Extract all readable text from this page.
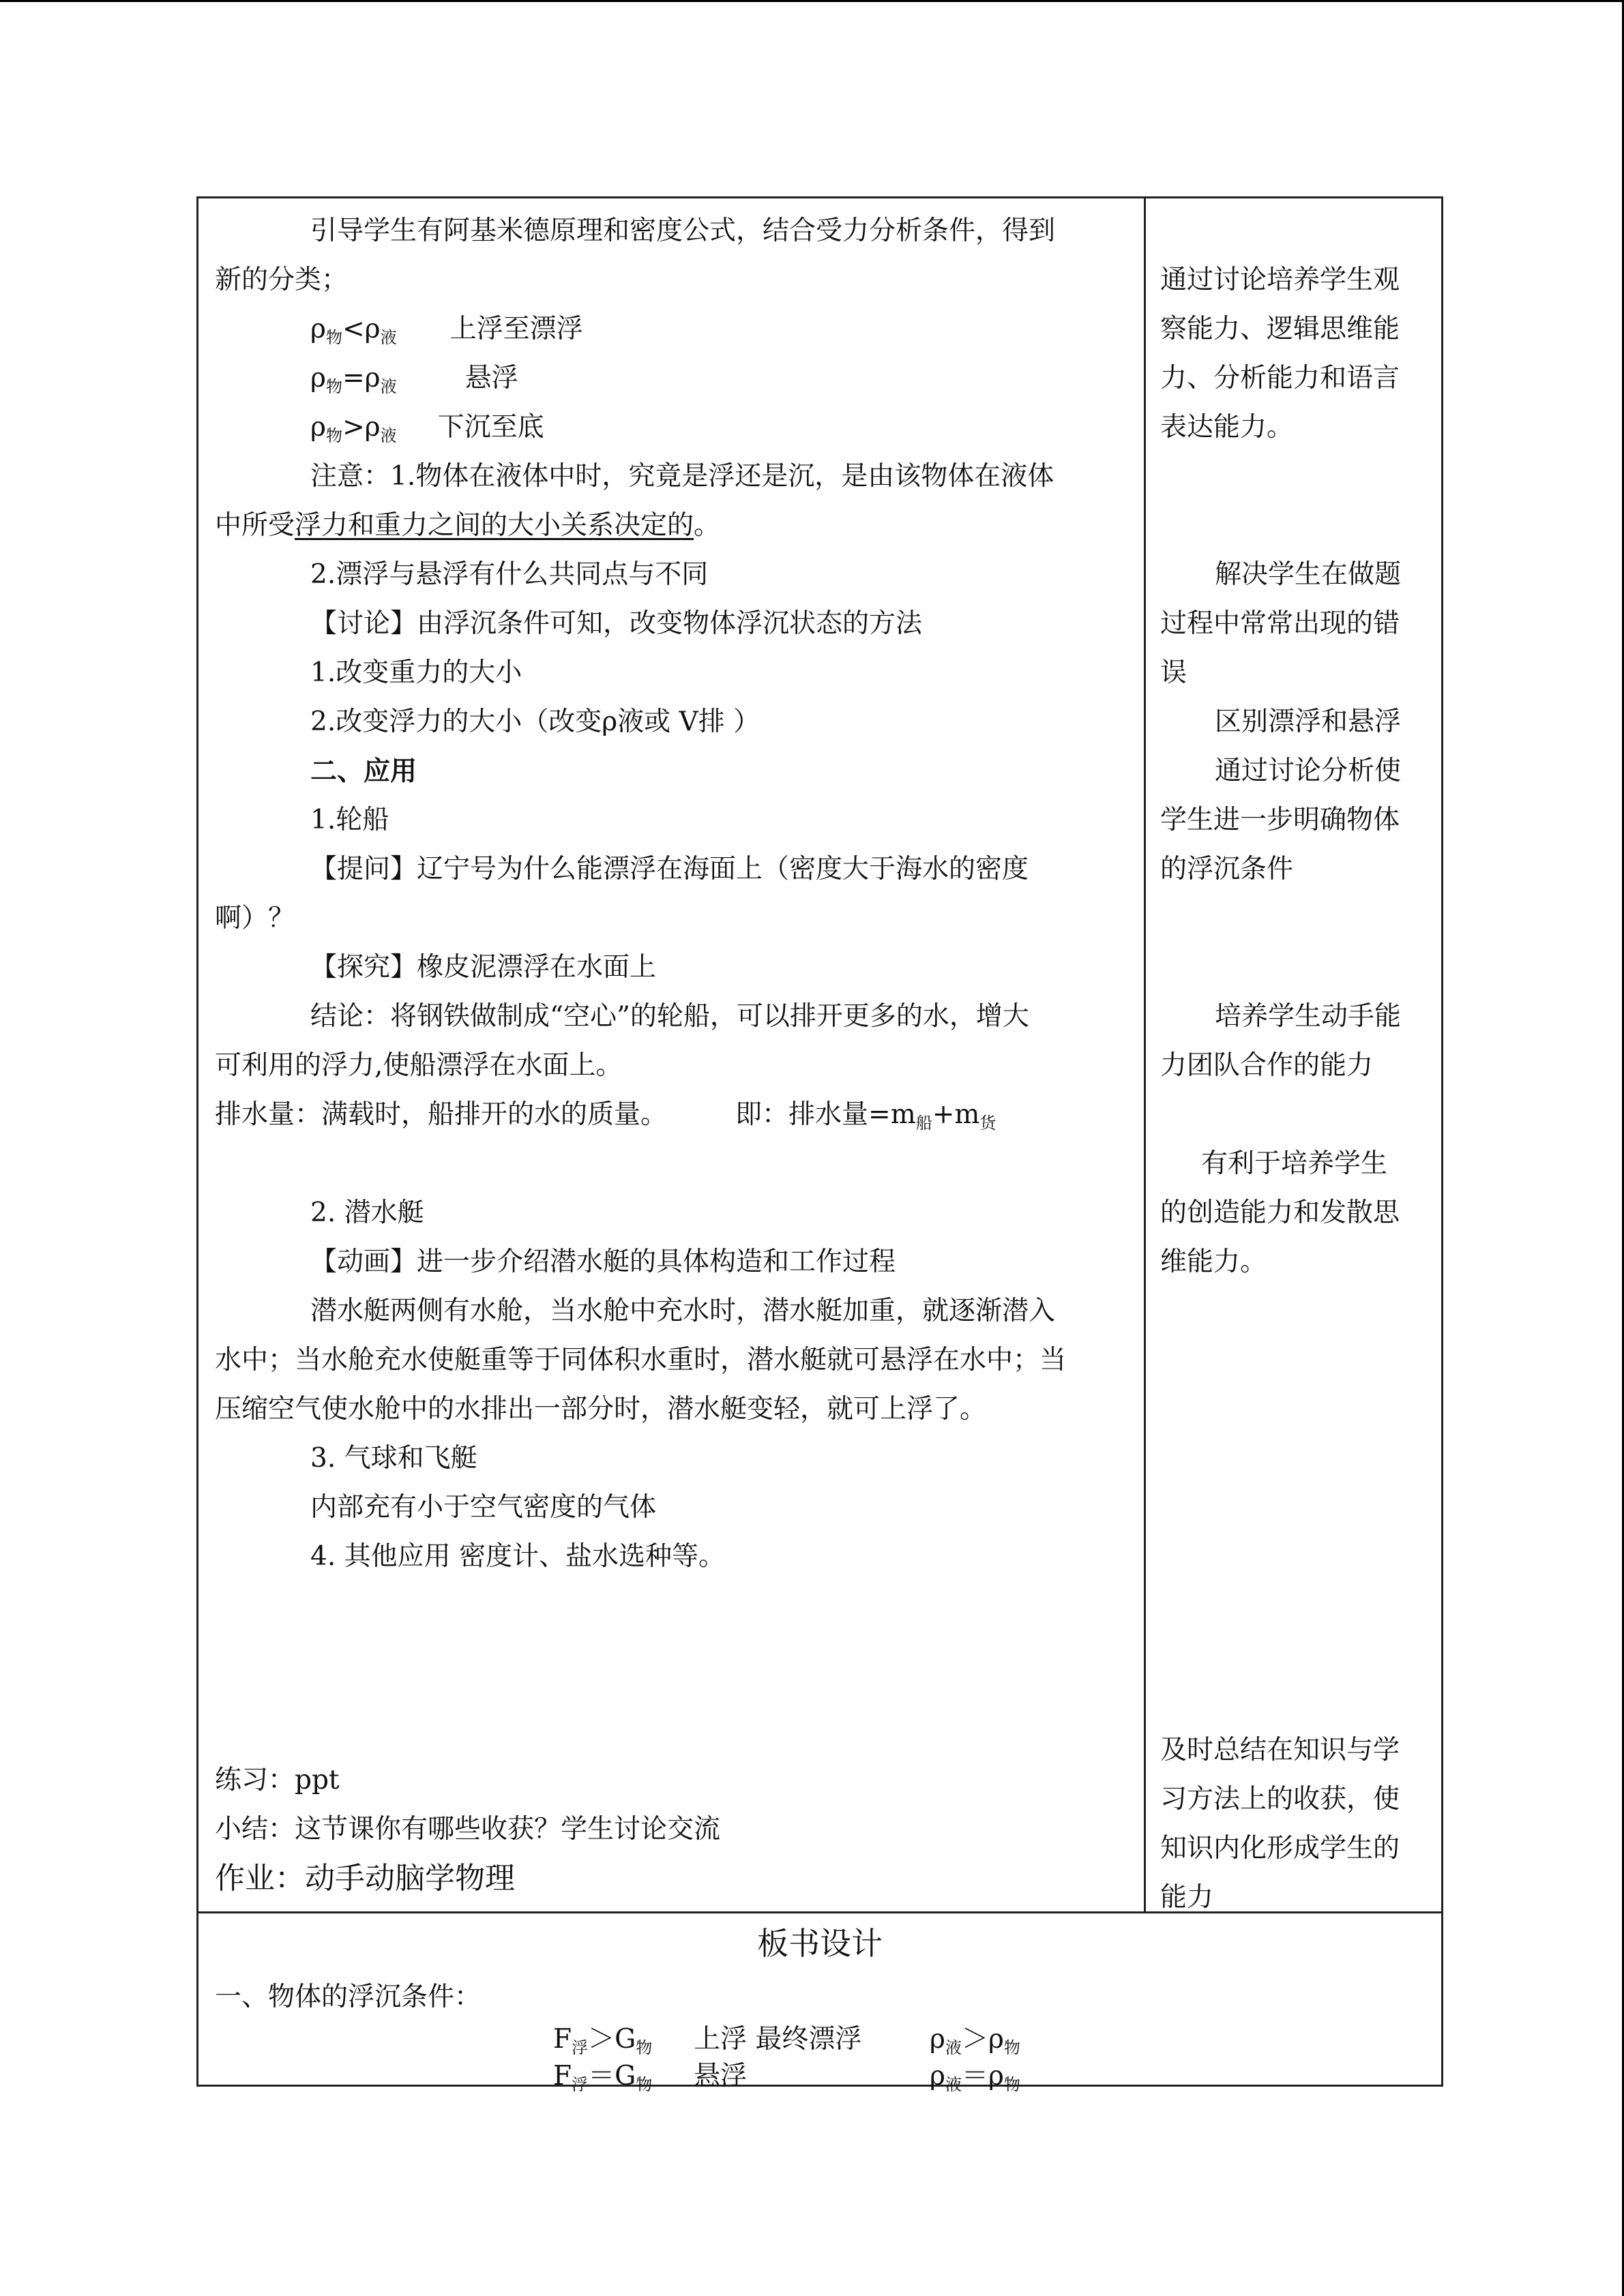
引导学生有阿基米德原理和密度公式，结合受力分析条件，得到
新的分类；
$\rho_物<\rho_液$ 上浮至漂浮
$\rho_物=\rho_液$	悬浮
$\rho_物>\rho_液$ 下沉至底
注意：1.物体在液体中时，究竟是浮还是沉，是由该物体在液体
中所受浮力和重力之间的大小关系决定的。
2.漂浮与悬浮有什么共同点与不同
【讨论】由浮沉条件可知，改变物体浮沉状态的方法
1.改变重力的大小
2.改变浮力的大小（改变ρ液或 V排 ）
二、应用
1.轮船
【提问】辽宁号为什么能漂浮在海面上（密度大于海水的密度
啊）？
【探究】橡皮泥漂浮在水面上
结论：将钢铁做制成“空心”的轮船，可以排开更多的水，增大
可利用的浮力,使船漂浮在水面上。
排水量：满载时，船排开的水的质量。	即：排水量$=m_船+m_货$
2. 潜水艇
【动画】进一步介绍潜水艇的具体构造和工作过程
潜水艇两侧有水舱，当水舱中充水时，潜水艇加重，就逐渐潜入
水中；当水舱充水使艇重等于同体积水重时，潜水艇就可悬浮在水中；当
压缩空气使水舱中的水排出一部分时，潜水艇变轻，就可上浮了。
3. 气球和飞艇
内部充有小于空气密度的气体
4. 其他应用 密度计、盐水选种等。
练习：ppt
小结：这节课你有哪些收获？学生讨论交流
作业：动手动脑学物理
通过讨论培养学生观
察能力、逻辑思维能
力、分析能力和语言
表达能力。
解决学生在做题
过程中常常出现的错
误
区别漂浮和悬浮
通过讨论分析使
学生进一步明确物体
的浮沉条件
培养学生动手能
力团队合作的能力
有利于培养学生
的创造能力和发散思
维能力。
及时总结在知识与学
习方法上的收获，使
知识内化形成学生的
能力
板书设计
一、物体的浮沉条件：
$F_浮>G_物$ 上浮 最终漂浮	$\rho_液>\rho_物$
$F_浮=G_物$ 悬浮	$\rho_液=\rho_物$
